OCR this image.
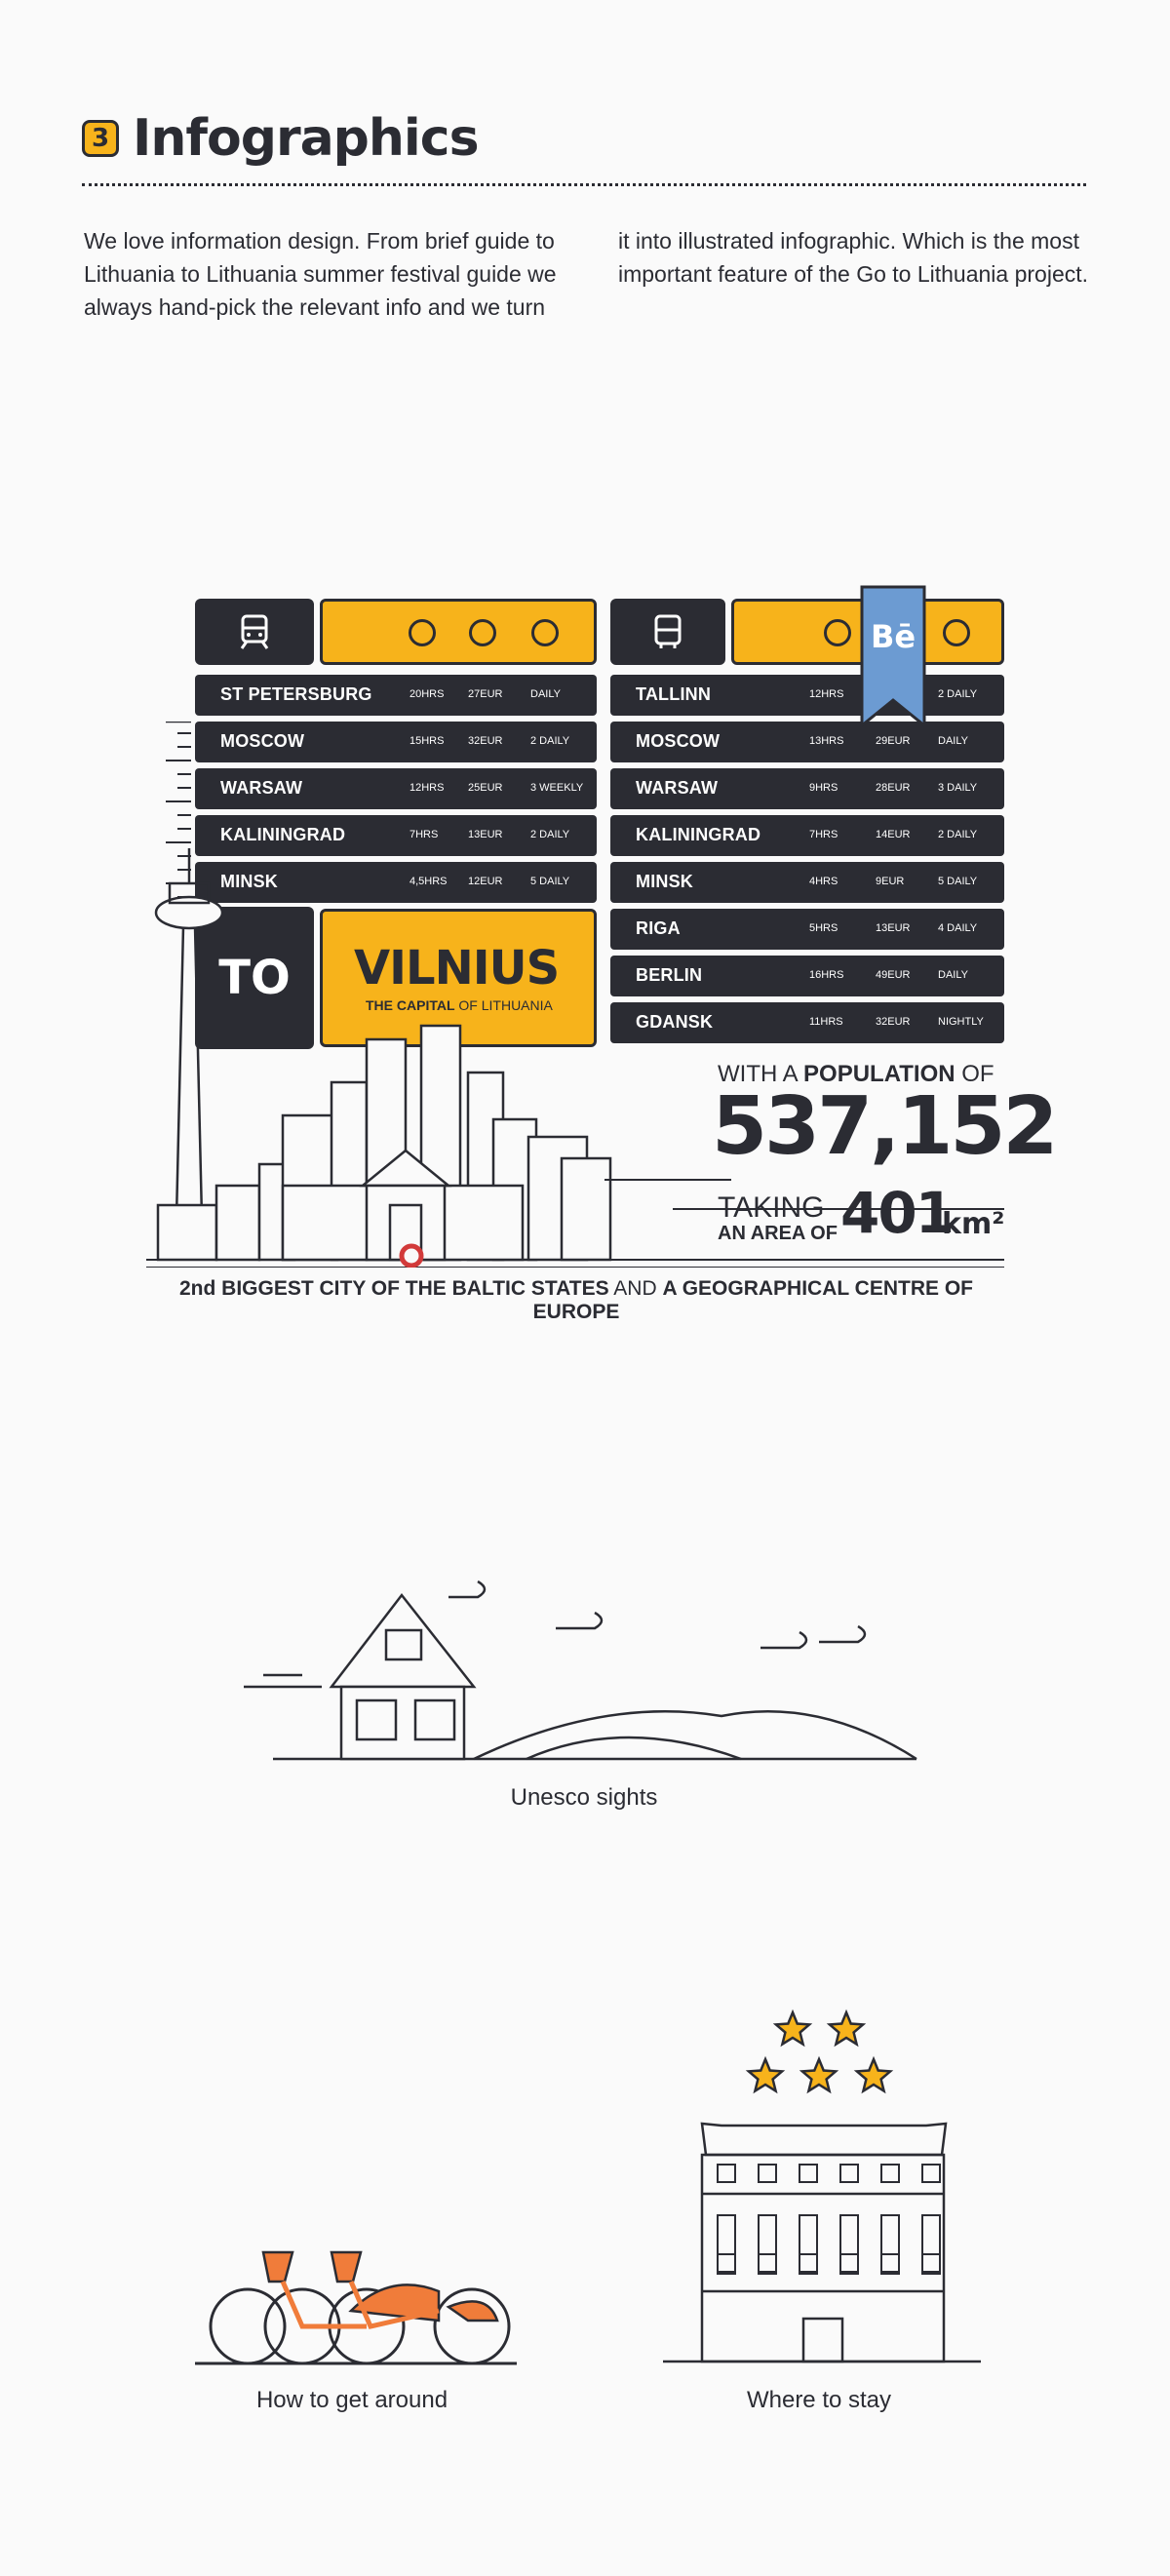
3 Infographics
We love information design. From brief guide to Lithuania to Lithuania summer festival guide we always hand-pick the relevant info and we turn
it into illustrated infographic. Which is the most important feature of the Go to Lithuania project.
ST PETERSBURG	20HRS 27EUR	DAILY
MOSCOW	15HRS 32EUR	2 DAILY
WARSAW	12HRS 25EUR	3 WEEKLY
KALININGRAD	7HRS	13EUR	2 DAILY
MINSK	4,5HRS 12EUR	5 DAILY
TALLINN	12HRS	2 DAILY
MOSCOW	13HRS	29EUR	DAILY
WARSAW	9HRS	28EUR	3 DAILY
KALININGRAD	7HRS	14EUR	2 DAILY
MINSK	4HRS	9EUR	5 DAILY
RIGA	5HRS	13EUR	4 DAILY
BERLIN	16HRS	49EUR	DAILY
GDANSK	11HRS	32EUR	NIGHTLY
Bē
TO	VILNIUS
THE CAPITAL OF LITHUANIA
WITH A POPULATION OF
537,152
TAKING
AN AREA OF 401
km²
2nd BIGGEST CITY OF THE BALTIC STATES AND A GEOGRAPHICAL CENTRE OF EUROPE
Unesco sights
How to get around	Where to stay
